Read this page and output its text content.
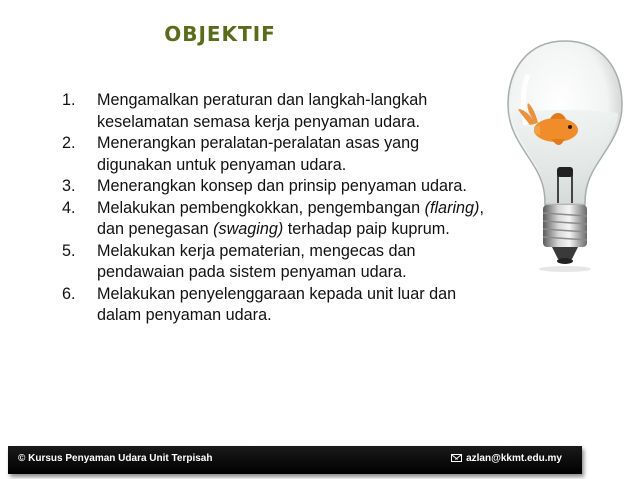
OBJEKTIF
1. Mengamalkan peraturan dan langkah-langkah keselamatan semasa kerja penyaman udara.
2. Menerangkan peralatan-peralatan asas yang digunakan untuk penyaman udara.
3. Menerangkan konsep dan prinsip penyaman udara.
4. Melakukan pembengkokkan, pengembangan (flaring), dan penegasan (swaging) terhadap paip kuprum.
5. Melakukan kerja pematerian, mengecas dan pendawaian pada sistem penyaman udara.
6. Melakukan penyelenggaraan kepada unit luar dan dalam penyaman udara.
© Kursus Penyaman Udara Unit Terpisah	azlan@kkmt.edu.my
